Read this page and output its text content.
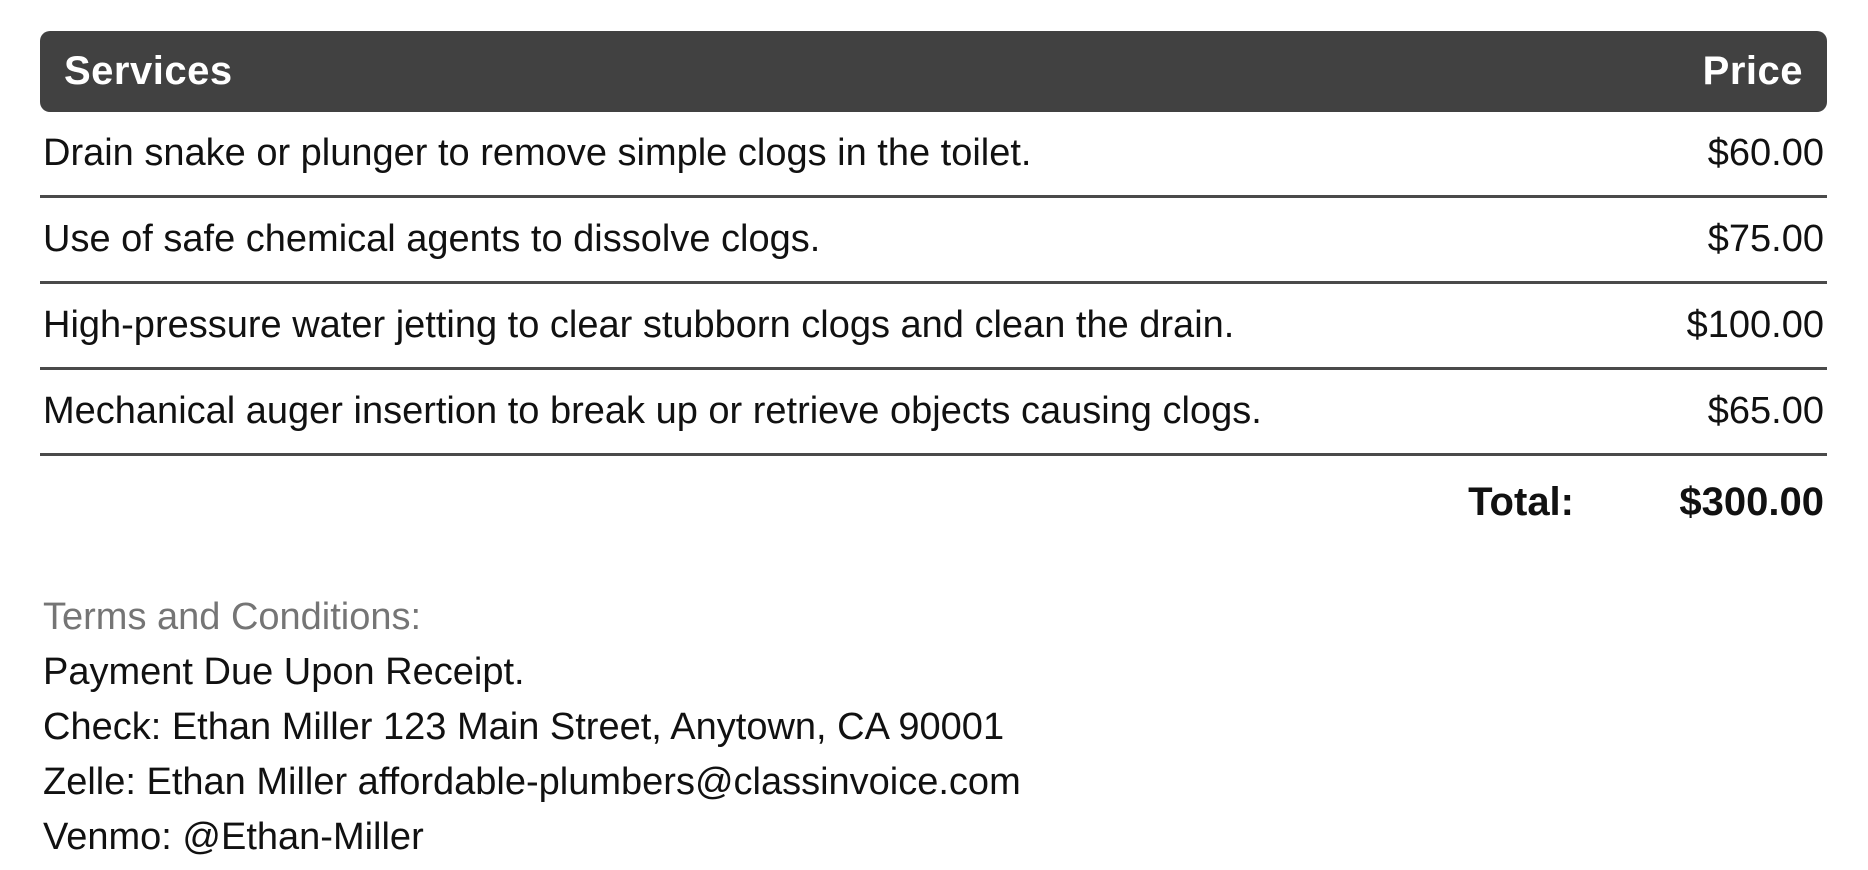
Services	Price
Drain snake or plunger to remove simple clogs in the toilet.	$60.00
Use of safe chemical agents to dissolve clogs.	$75.00
High-pressure water jetting to clear stubborn clogs and clean the drain.	$100.00
Mechanical auger insertion to break up or retrieve objects causing clogs.	$65.00
Total:	$300.00
Terms and Conditions:
Payment Due Upon Receipt.
Check: Ethan Miller 123 Main Street, Anytown, CA 90001
Zelle: Ethan Miller affordable-plumbers@classinvoice.com
Venmo: @Ethan-Miller
